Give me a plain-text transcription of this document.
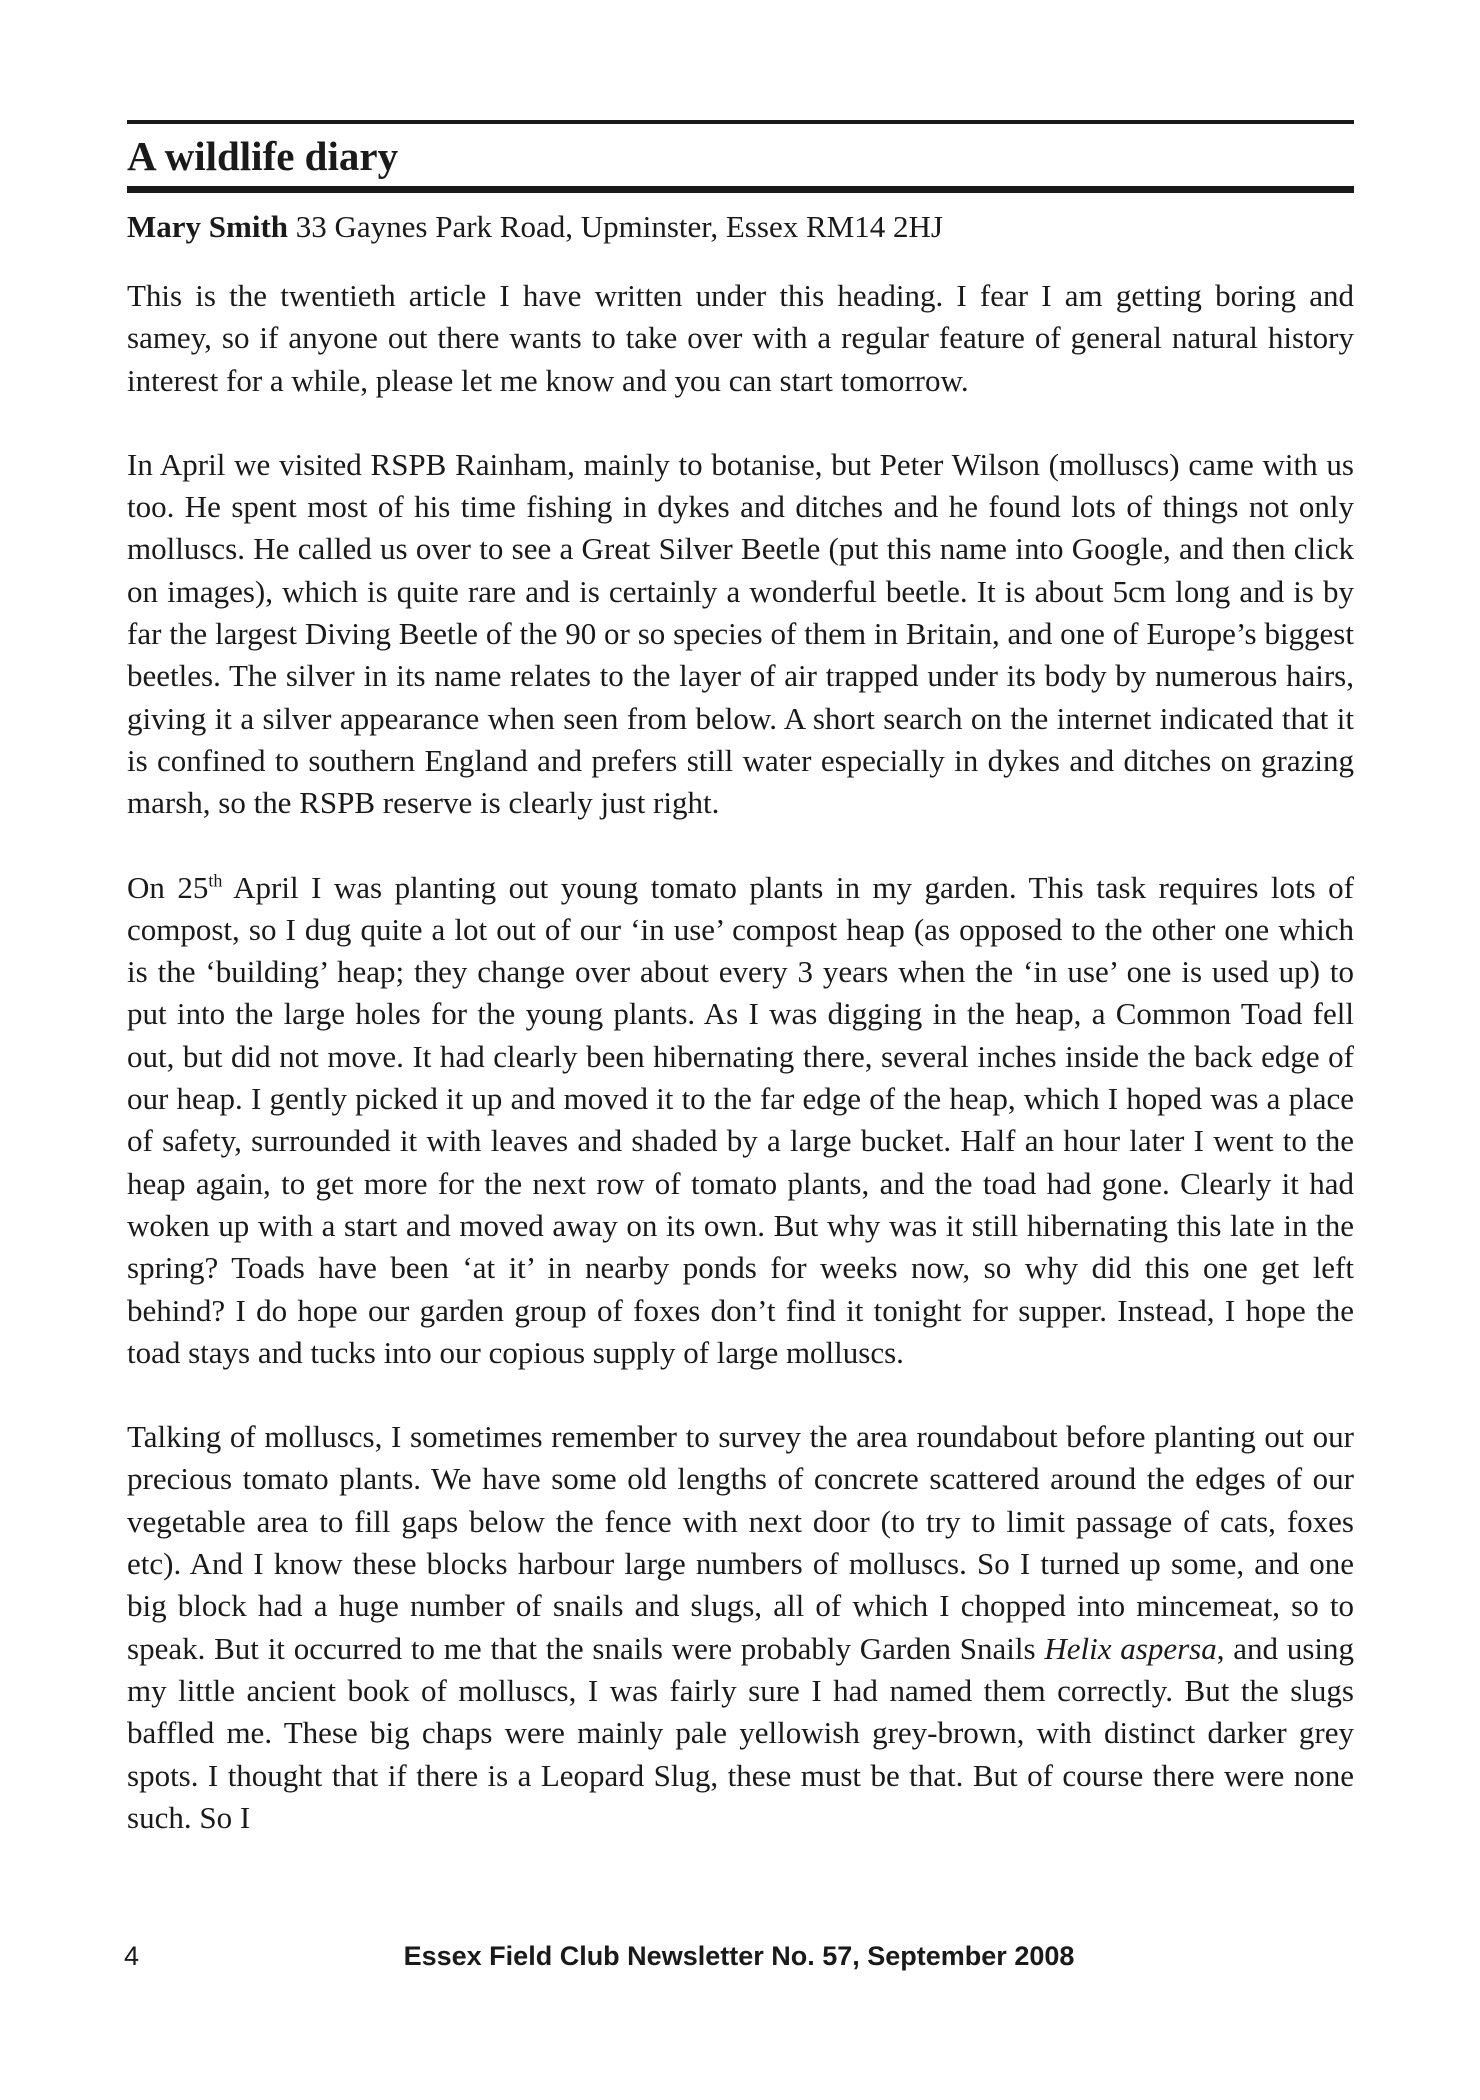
A wildlife diary
Mary Smith 33 Gaynes Park Road, Upminster, Essex RM14 2HJ

This is the twentieth article I have written under this heading. I fear I am getting boring and samey, so if anyone out there wants to take over with a regular feature of general natural history interest for a while, please let me know and you can start tomorrow.

In April we visited RSPB Rainham, mainly to botanise, but Peter Wilson (molluscs) came with us too. He spent most of his time fishing in dykes and ditches and he found lots of things not only molluscs. He called us over to see a Great Silver Beetle (put this name into Google, and then click on images), which is quite rare and is certainly a wonderful beetle. It is about 5cm long and is by far the largest Diving Beetle of the 90 or so species of them in Britain, and one of Europe’s biggest beetles. The silver in its name relates to the layer of air trapped under its body by numerous hairs, giving it a silver appearance when seen from below. A short search on the internet indicated that it is confined to southern England and prefers still water especially in dykes and ditches on grazing marsh, so the RSPB reserve is clearly just right.

On 25th April I was planting out young tomato plants in my garden. This task requires lots of compost, so I dug quite a lot out of our ‘in use’ compost heap (as opposed to the other one which is the ‘building’ heap; they change over about every 3 years when the ‘in use’ one is used up) to put into the large holes for the young plants. As I was digging in the heap, a Common Toad fell out, but did not move. It had clearly been hibernating there, several inches inside the back edge of our heap. I gently picked it up and moved it to the far edge of the heap, which I hoped was a place of safety, surrounded it with leaves and shaded by a large bucket. Half an hour later I went to the heap again, to get more for the next row of tomato plants, and the toad had gone. Clearly it had woken up with a start and moved away on its own. But why was it still hibernating this late in the spring? Toads have been ‘at it’ in nearby ponds for weeks now, so why did this one get left behind? I do hope our garden group of foxes don’t find it tonight for supper. Instead, I hope the toad stays and tucks into our copious supply of large molluscs.

Talking of molluscs, I sometimes remember to survey the area roundabout before planting out our precious tomato plants. We have some old lengths of concrete scattered around the edges of our vegetable area to fill gaps below the fence with next door (to try to limit passage of cats, foxes etc). And I know these blocks harbour large numbers of molluscs. So I turned up some, and one big block had a huge number of snails and slugs, all of which I chopped into mincemeat, so to speak. But it occurred to me that the snails were probably Garden Snails Helix aspersa, and using my little ancient book of molluscs, I was fairly sure I had named them correctly. But the slugs baffled me. These big chaps were mainly pale yellowish grey-brown, with distinct darker grey spots. I thought that if there is a Leopard Slug, these must be that. But of course there were none such. So I

4	Essex Field Club Newsletter No. 57, September 2008
